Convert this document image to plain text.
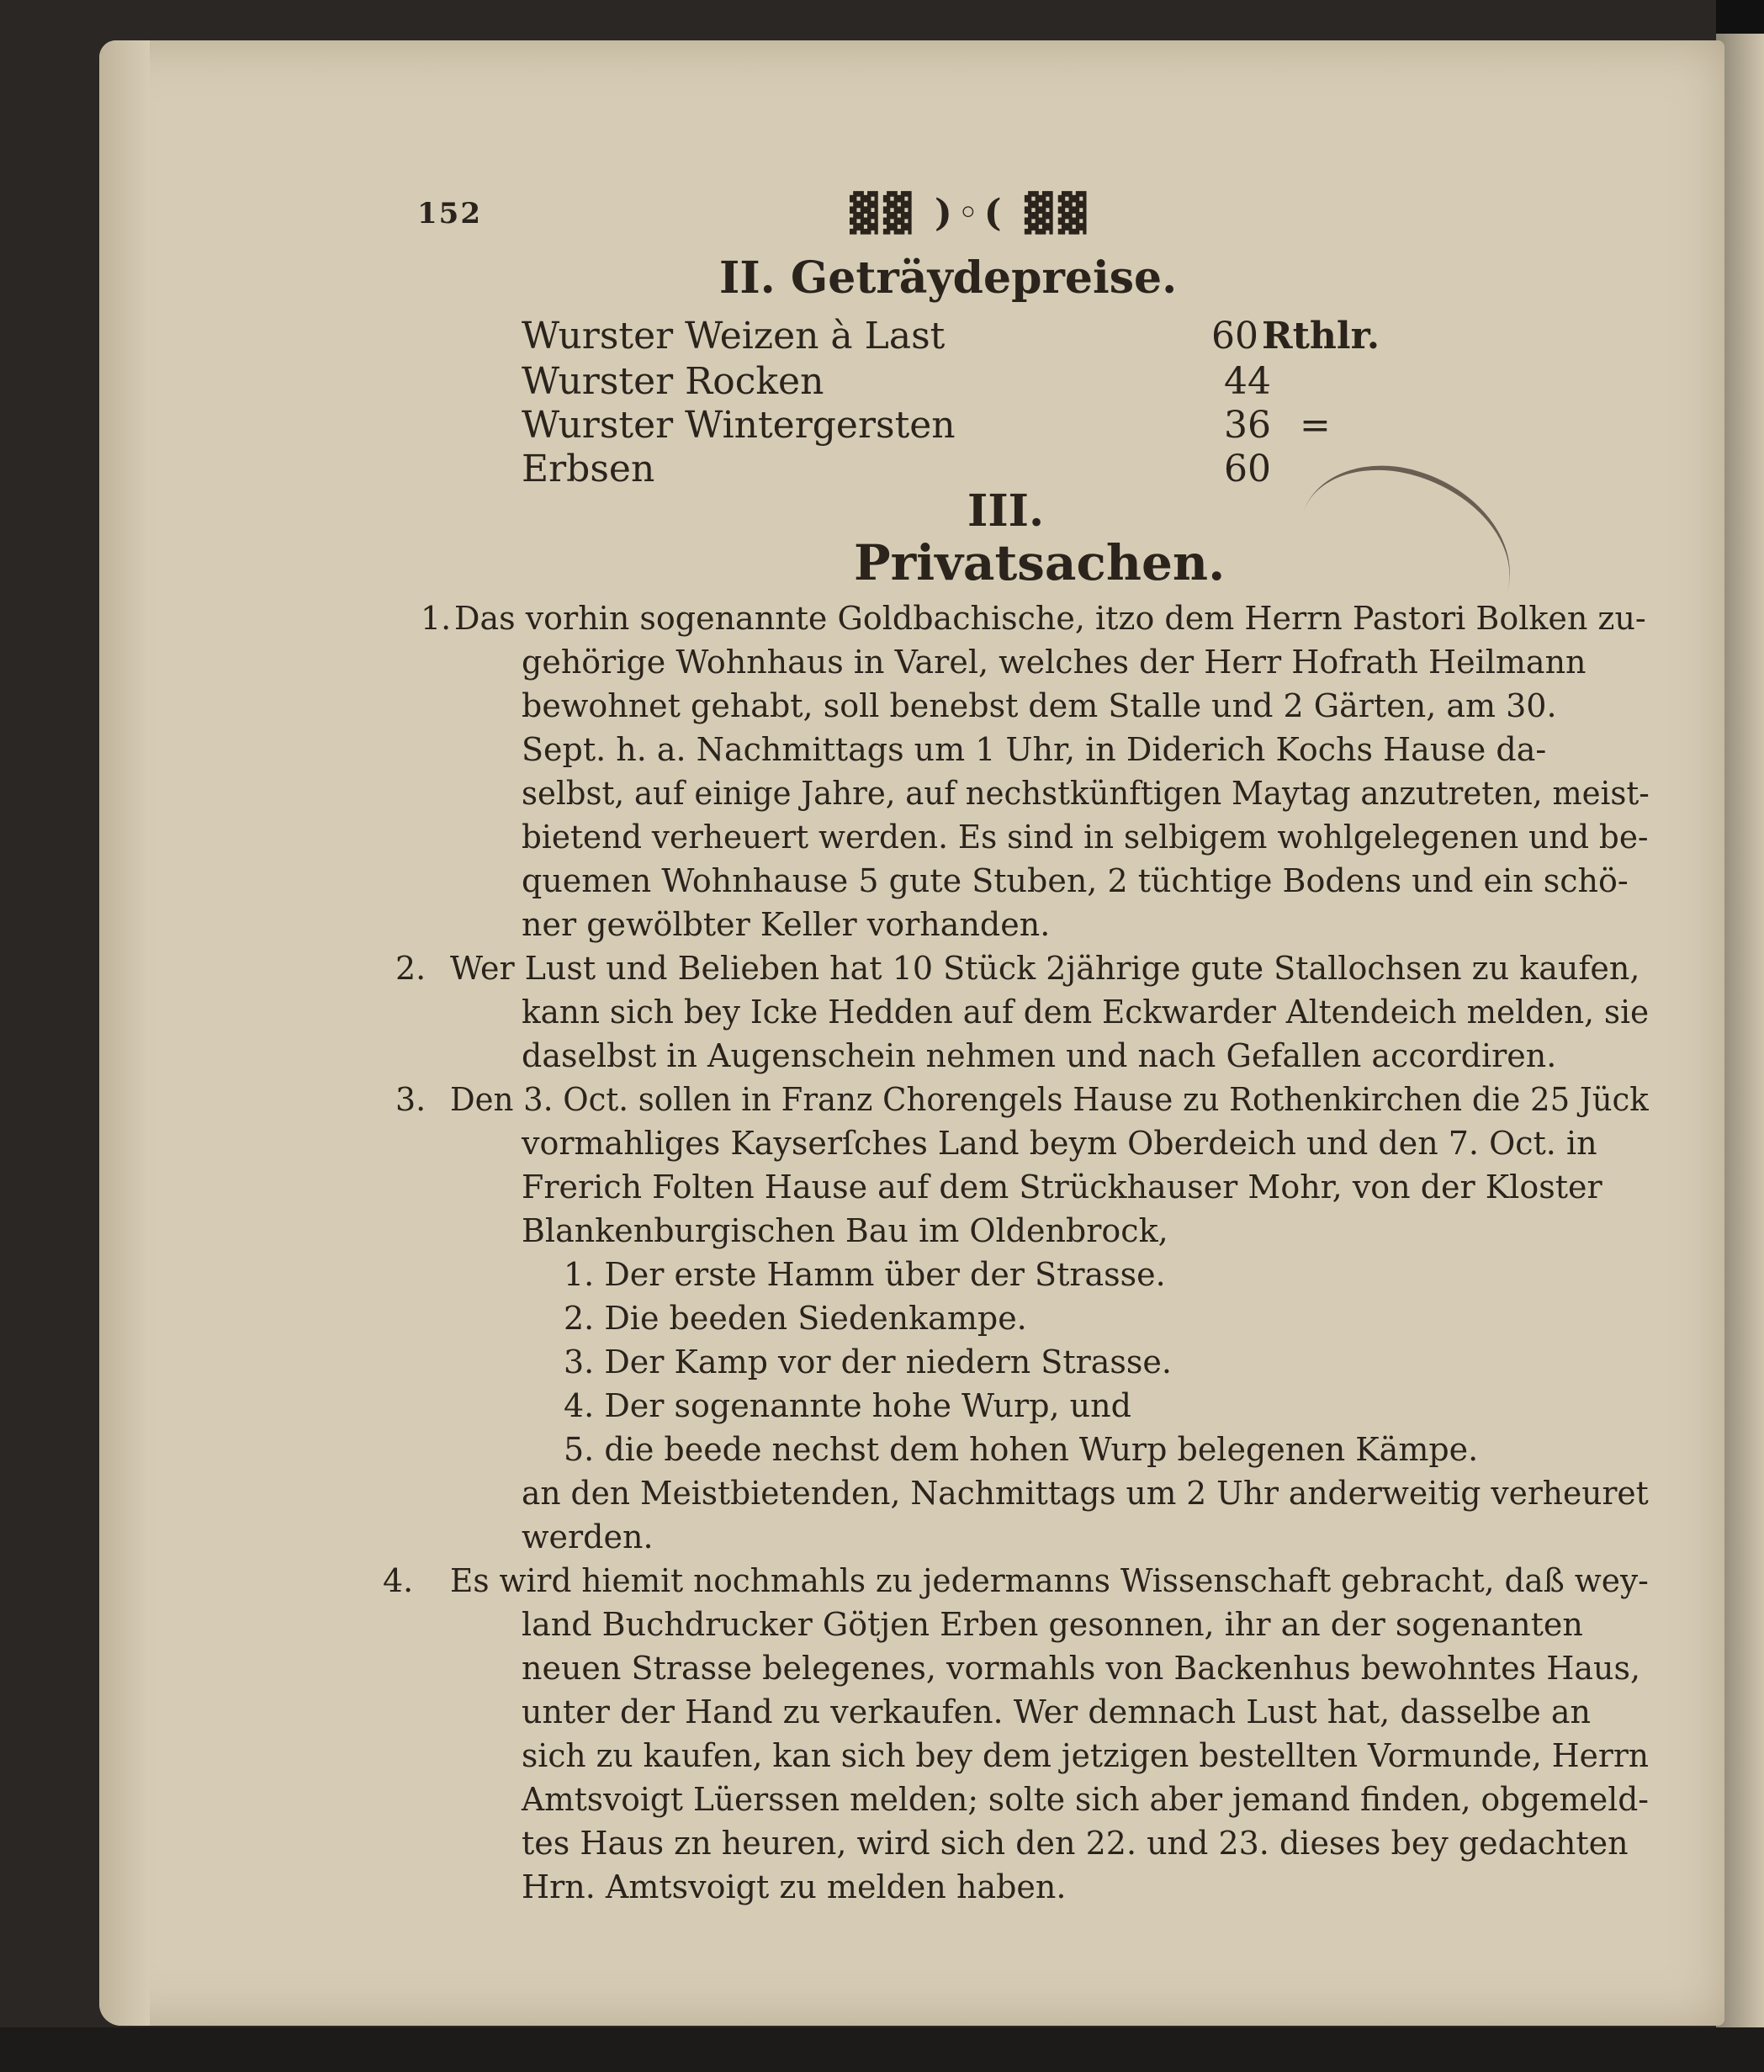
152	▓▓ )◦( ▓▓
II. Geträydepreise.
Wurster Weizen à Last	60 Rthlr.
Wurster Rocken	44
Wurster Wintergersten	36 =
Erbsen	60
III.
Privatsachen.
1. Das vorhin sogenannte Goldbachische, itzo dem Herrn Pastori Bolken zu-
gehörige Wohnhaus in Varel, welches der Herr Hofrath Heilmann
bewohnet gehabt, soll benebst dem Stalle und 2 Gärten, am 30.
Sept. h. a. Nachmittags um 1 Uhr, in Diderich Kochs Hause da-
selbst, auf einige Jahre, auf nechstkünftigen Maytag anzutreten, meist-
bietend verheuert werden. Es sind in selbigem wohlgelegenen und be-
quemen Wohnhause 5 gute Stuben, 2 tüchtige Bodens und ein schö-
ner gewölbter Keller vorhanden.
2. Wer Lust und Belieben hat 10 Stück 2jährige gute Stallochsen zu kaufen,
kann sich bey Icke Hedden auf dem Eckwarder Altendeich melden, sie
daselbst in Augenschein nehmen und nach Gefallen accordiren.
3. Den 3. Oct. sollen in Franz Chorengels Hause zu Rothenkirchen die 25 Jück
vormahliges Kayserſches Land beym Oberdeich und den 7. Oct. in
Frerich Folten Hause auf dem Strückhauser Mohr, von der Kloster
Blankenburgischen Bau im Oldenbrock,
1. Der erste Hamm über der Strasse.
2. Die beeden Siedenkampe.
3. Der Kamp vor der niedern Strasse.
4. Der sogenannte hohe Wurp, und
5. die beede nechst dem hohen Wurp belegenen Kämpe.
an den Meistbietenden, Nachmittags um 2 Uhr anderweitig verheuret
werden.
4. Es wird hiemit nochmahls zu jedermanns Wissenschaft gebracht, daß wey-
land Buchdrucker Götjen Erben gesonnen, ihr an der sogenanten
neuen Strasse belegenes, vormahls von Backenhus bewohntes Haus,
unter der Hand zu verkaufen. Wer demnach Lust hat, dasselbe an
sich zu kaufen, kan sich bey dem jetzigen bestellten Vormunde, Herrn
Amtsvoigt Lüerssen melden; solte sich aber jemand finden, obgemeld-
tes Haus zn heuren, wird sich den 22. und 23. dieses bey gedachten
Hrn. Amtsvoigt zu melden haben.
